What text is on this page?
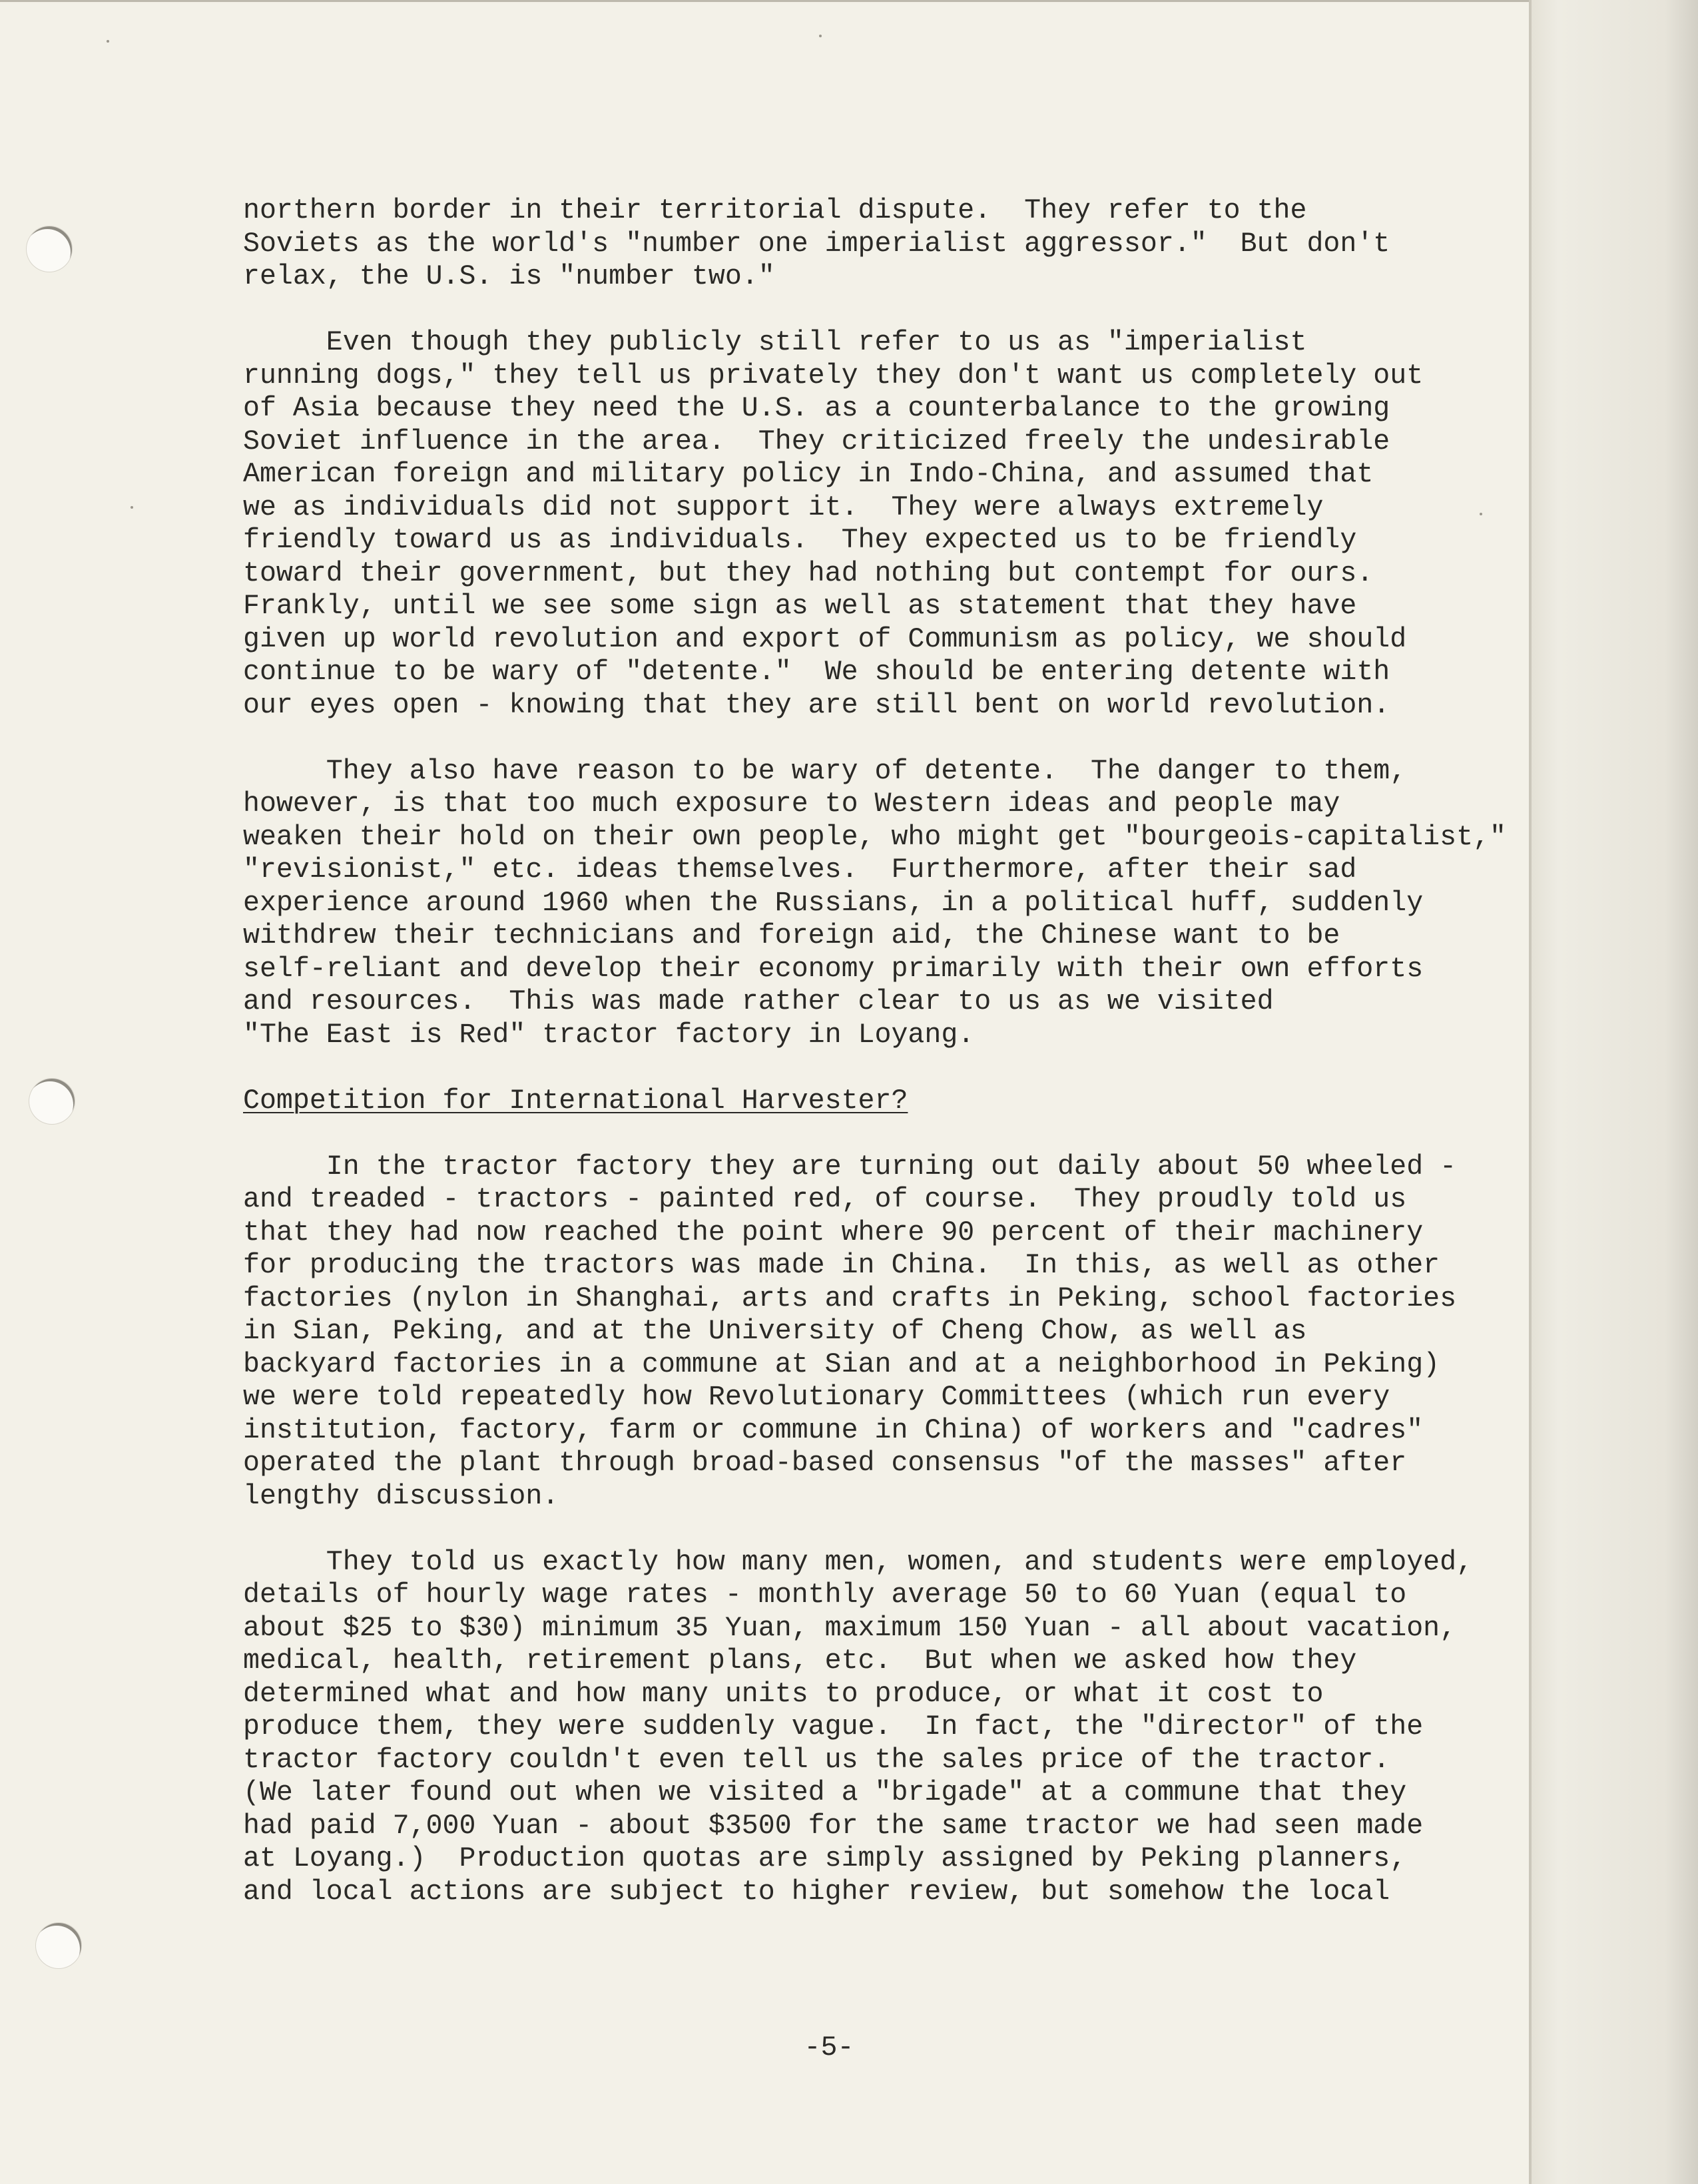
northern border in their territorial dispute.  They refer to the
Soviets as the world's "number one imperialist aggressor."  But don't
relax, the U.S. is "number two."

Even though they publicly still refer to us as "imperialist
running dogs," they tell us privately they don't want us completely out
of Asia because they need the U.S. as a counterbalance to the growing
Soviet influence in the area.  They criticized freely the undesirable
American foreign and military policy in Indo-China, and assumed that
we as individuals did not support it.  They were always extremely
friendly toward us as individuals.  They expected us to be friendly
toward their government, but they had nothing but contempt for ours.
Frankly, until we see some sign as well as statement that they have
given up world revolution and export of Communism as policy, we should
continue to be wary of "detente."  We should be entering detente with
our eyes open - knowing that they are still bent on world revolution.

They also have reason to be wary of detente.  The danger to them,
however, is that too much exposure to Western ideas and people may
weaken their hold on their own people, who might get "bourgeois-capitalist,"
"revisionist," etc. ideas themselves.  Furthermore, after their sad
experience around 1960 when the Russians, in a political huff, suddenly
withdrew their technicians and foreign aid, the Chinese want to be
self-reliant and develop their economy primarily with their own efforts
and resources.  This was made rather clear to us as we visited
"The East is Red" tractor factory in Loyang.

Competition for International Harvester?

In the tractor factory they are turning out daily about 50 wheeled -
and treaded - tractors - painted red, of course.  They proudly told us
that they had now reached the point where 90 percent of their machinery
for producing the tractors was made in China.  In this, as well as other
factories (nylon in Shanghai, arts and crafts in Peking, school factories
in Sian, Peking, and at the University of Cheng Chow, as well as
backyard factories in a commune at Sian and at a neighborhood in Peking)
we were told repeatedly how Revolutionary Committees (which run every
institution, factory, farm or commune in China) of workers and "cadres"
operated the plant through broad-based consensus "of the masses" after
lengthy discussion.

They told us exactly how many men, women, and students were employed,
details of hourly wage rates - monthly average 50 to 60 Yuan (equal to
about $25 to $30) minimum 35 Yuan, maximum 150 Yuan - all about vacation,
medical, health, retirement plans, etc.  But when we asked how they
determined what and how many units to produce, or what it cost to
produce them, they were suddenly vague.  In fact, the "director" of the
tractor factory couldn't even tell us the sales price of the tractor.
(We later found out when we visited a "brigade" at a commune that they
had paid 7,000 Yuan - about $3500 for the same tractor we had seen made
at Loyang.)  Production quotas are simply assigned by Peking planners,
and local actions are subject to higher review, but somehow the local

-5-
